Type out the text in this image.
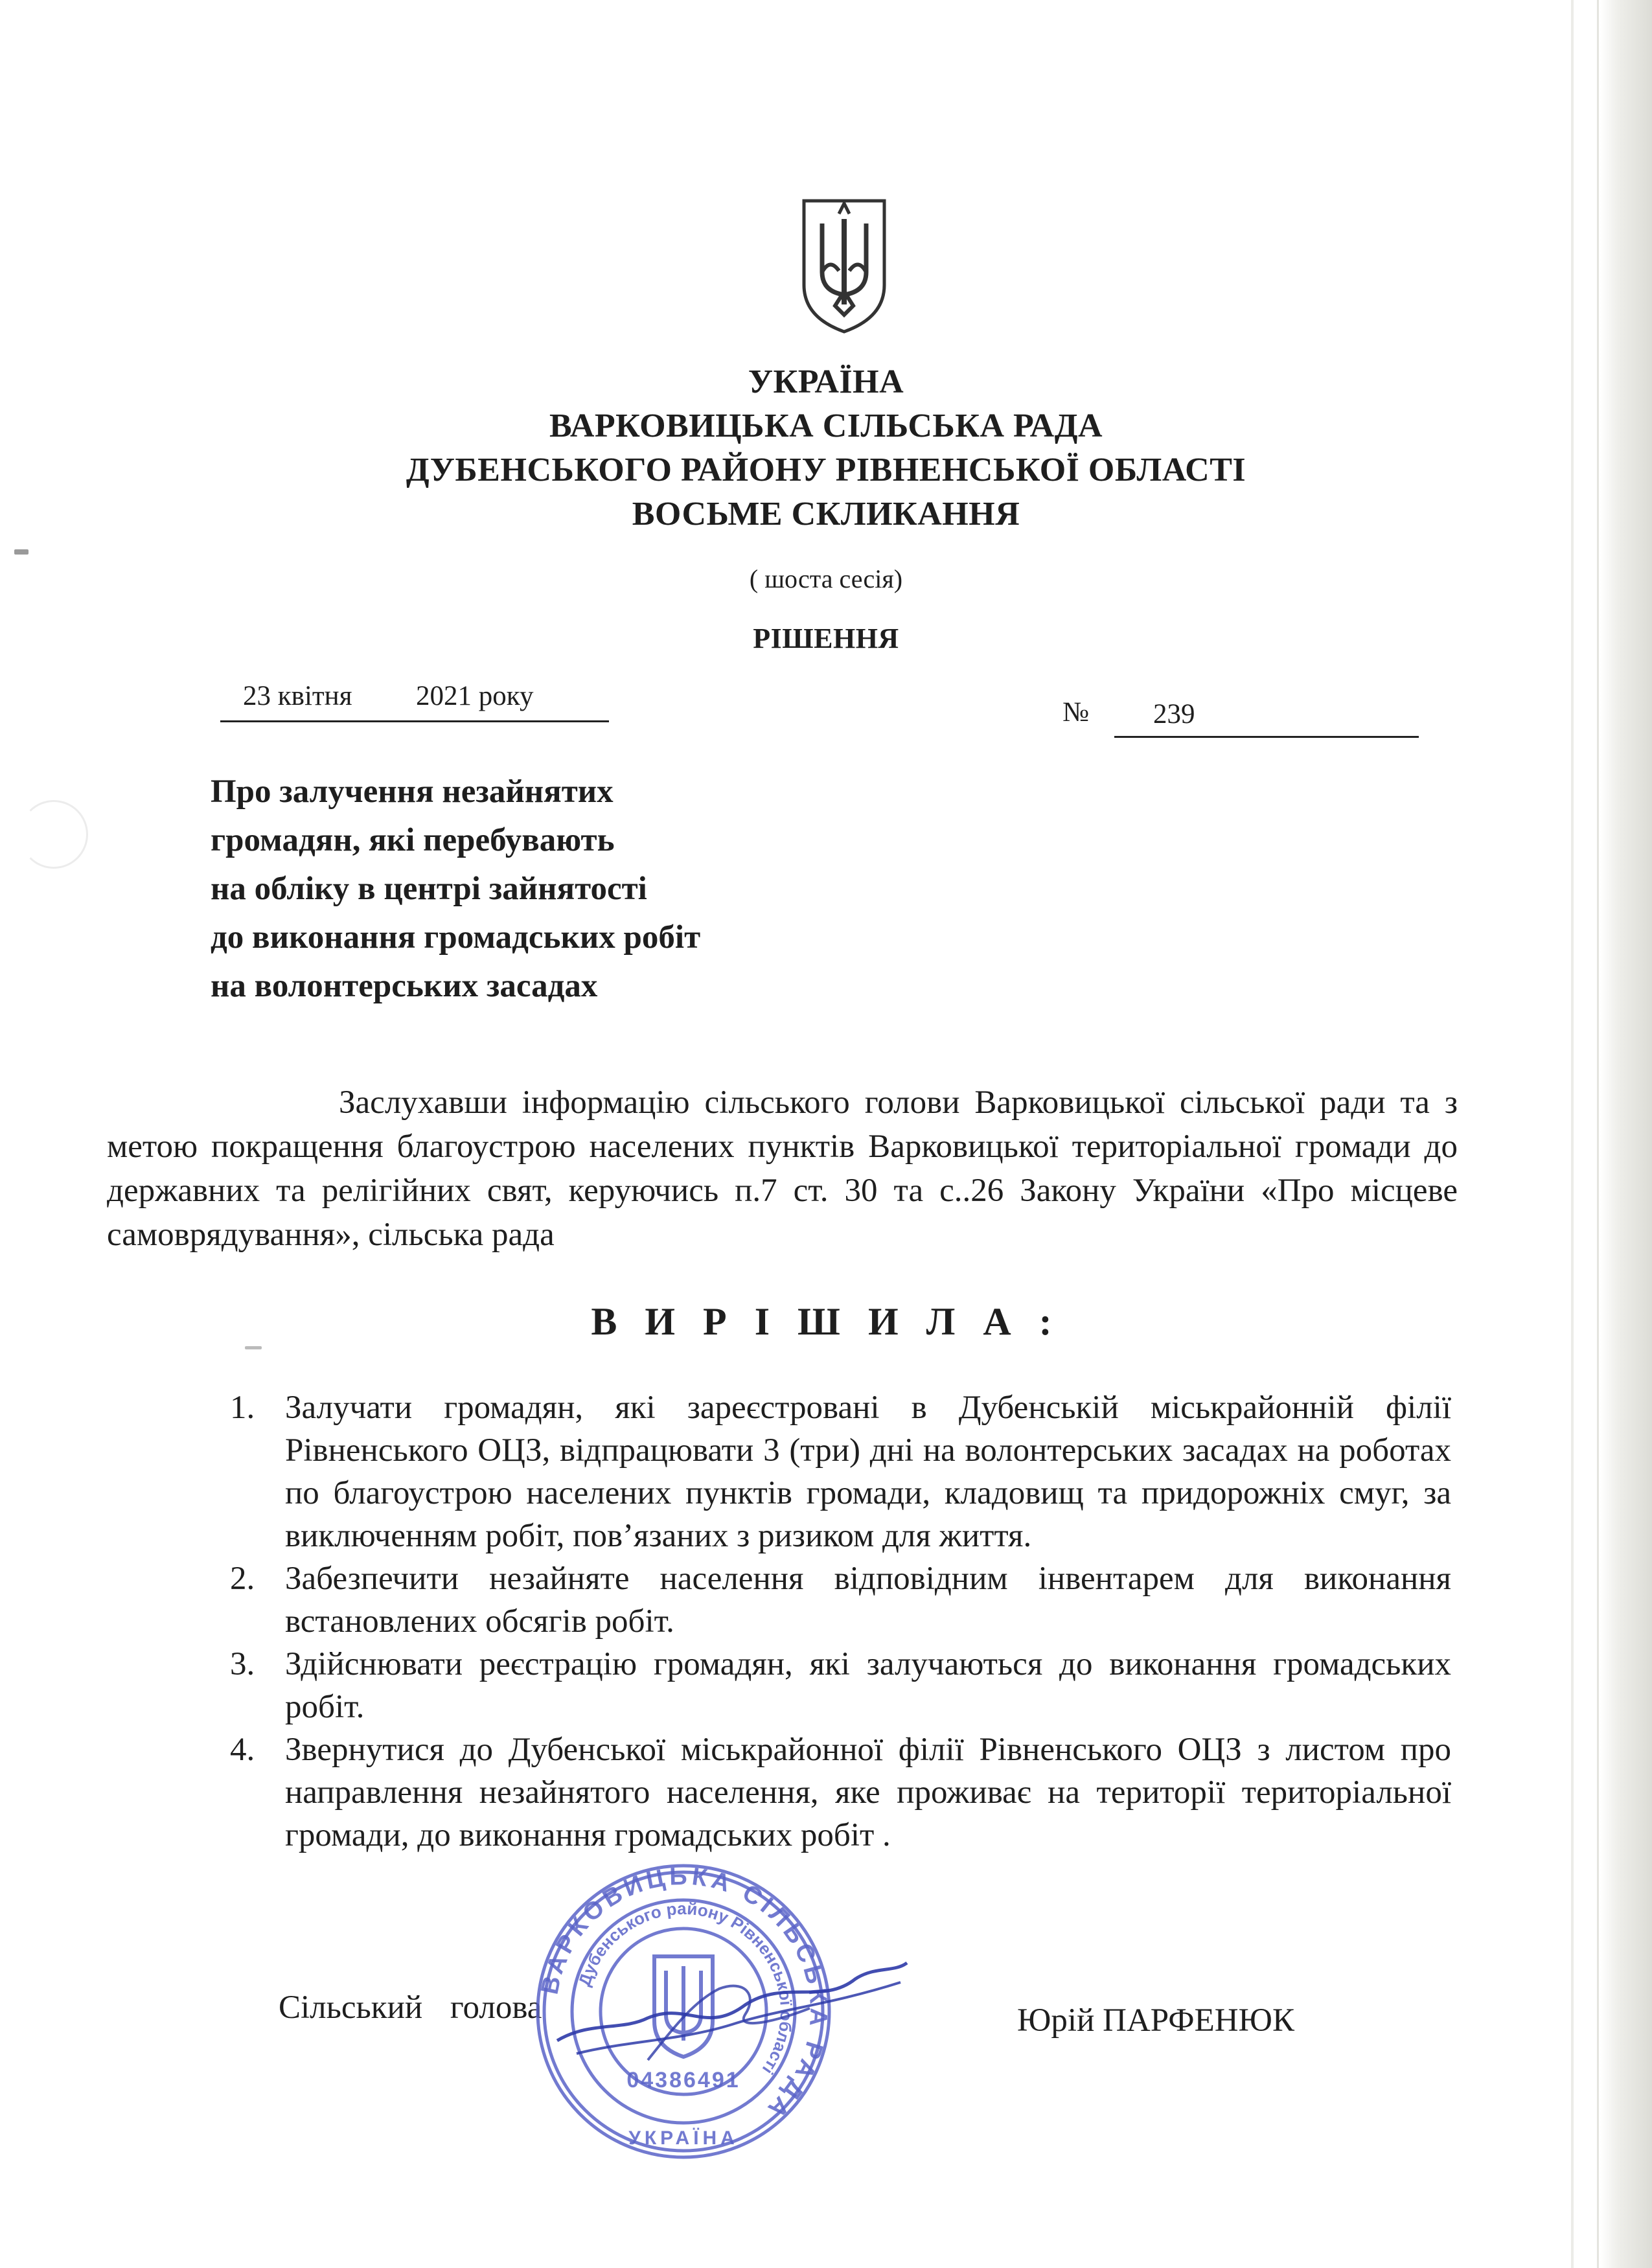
УКРАЇНА
ВАРКОВИЦЬКА СІЛЬСЬКА РАДА
ДУБЕНСЬКОГО РАЙОНУ РІВНЕНСЬКОЇ ОБЛАСТІ
ВОСЬМЕ СКЛИКАННЯ
( шоста сесія)
РІШЕННЯ
23 квітня 2021 року
№ 239
Про залучення незайнятих
громадян, які перебувають
на обліку в центрі зайнятості
до виконання громадських робіт
на волонтерських засадах
Заслухавши інформацію сільського голови Варковицької сільської ради та з метою покращення благоустрою населених пунктів Варковицької територіальної громади до державних та релігійних свят, керуючись п.7 ст. 30 та с..26 Закону України «Про місцеве самоврядування», сільська рада
В И Р І Ш И Л А :
1. Залучати громадян, які зареєстровані в Дубенській міськрайонній філії Рівненського ОЦЗ, відпрацювати 3 (три) дні на волонтерських засадах на роботах по благоустрою населених пунктів громади, кладовищ та придорожніх смуг, за виключенням робіт, пов’язаних з ризиком для життя.
2. Забезпечити незайняте населення відповідним інвентарем для виконання встановлених обсягів робіт.
3. Здійснювати реєстрацію громадян, які залучаються до виконання громадських робіт.
4. Звернутися до Дубенської міськрайонної філії Рівненського ОЦЗ з листом про направлення незайнятого населення, яке проживає на території територіальної громади, до виконання громадських робіт .
Сільський голова	Юрій ПАРФЕНЮК
ВАРКОВИЦЬКА СІЛЬСЬКА РАДА
Дубенського району Рівненської області
УКРАЇНА
04386491
